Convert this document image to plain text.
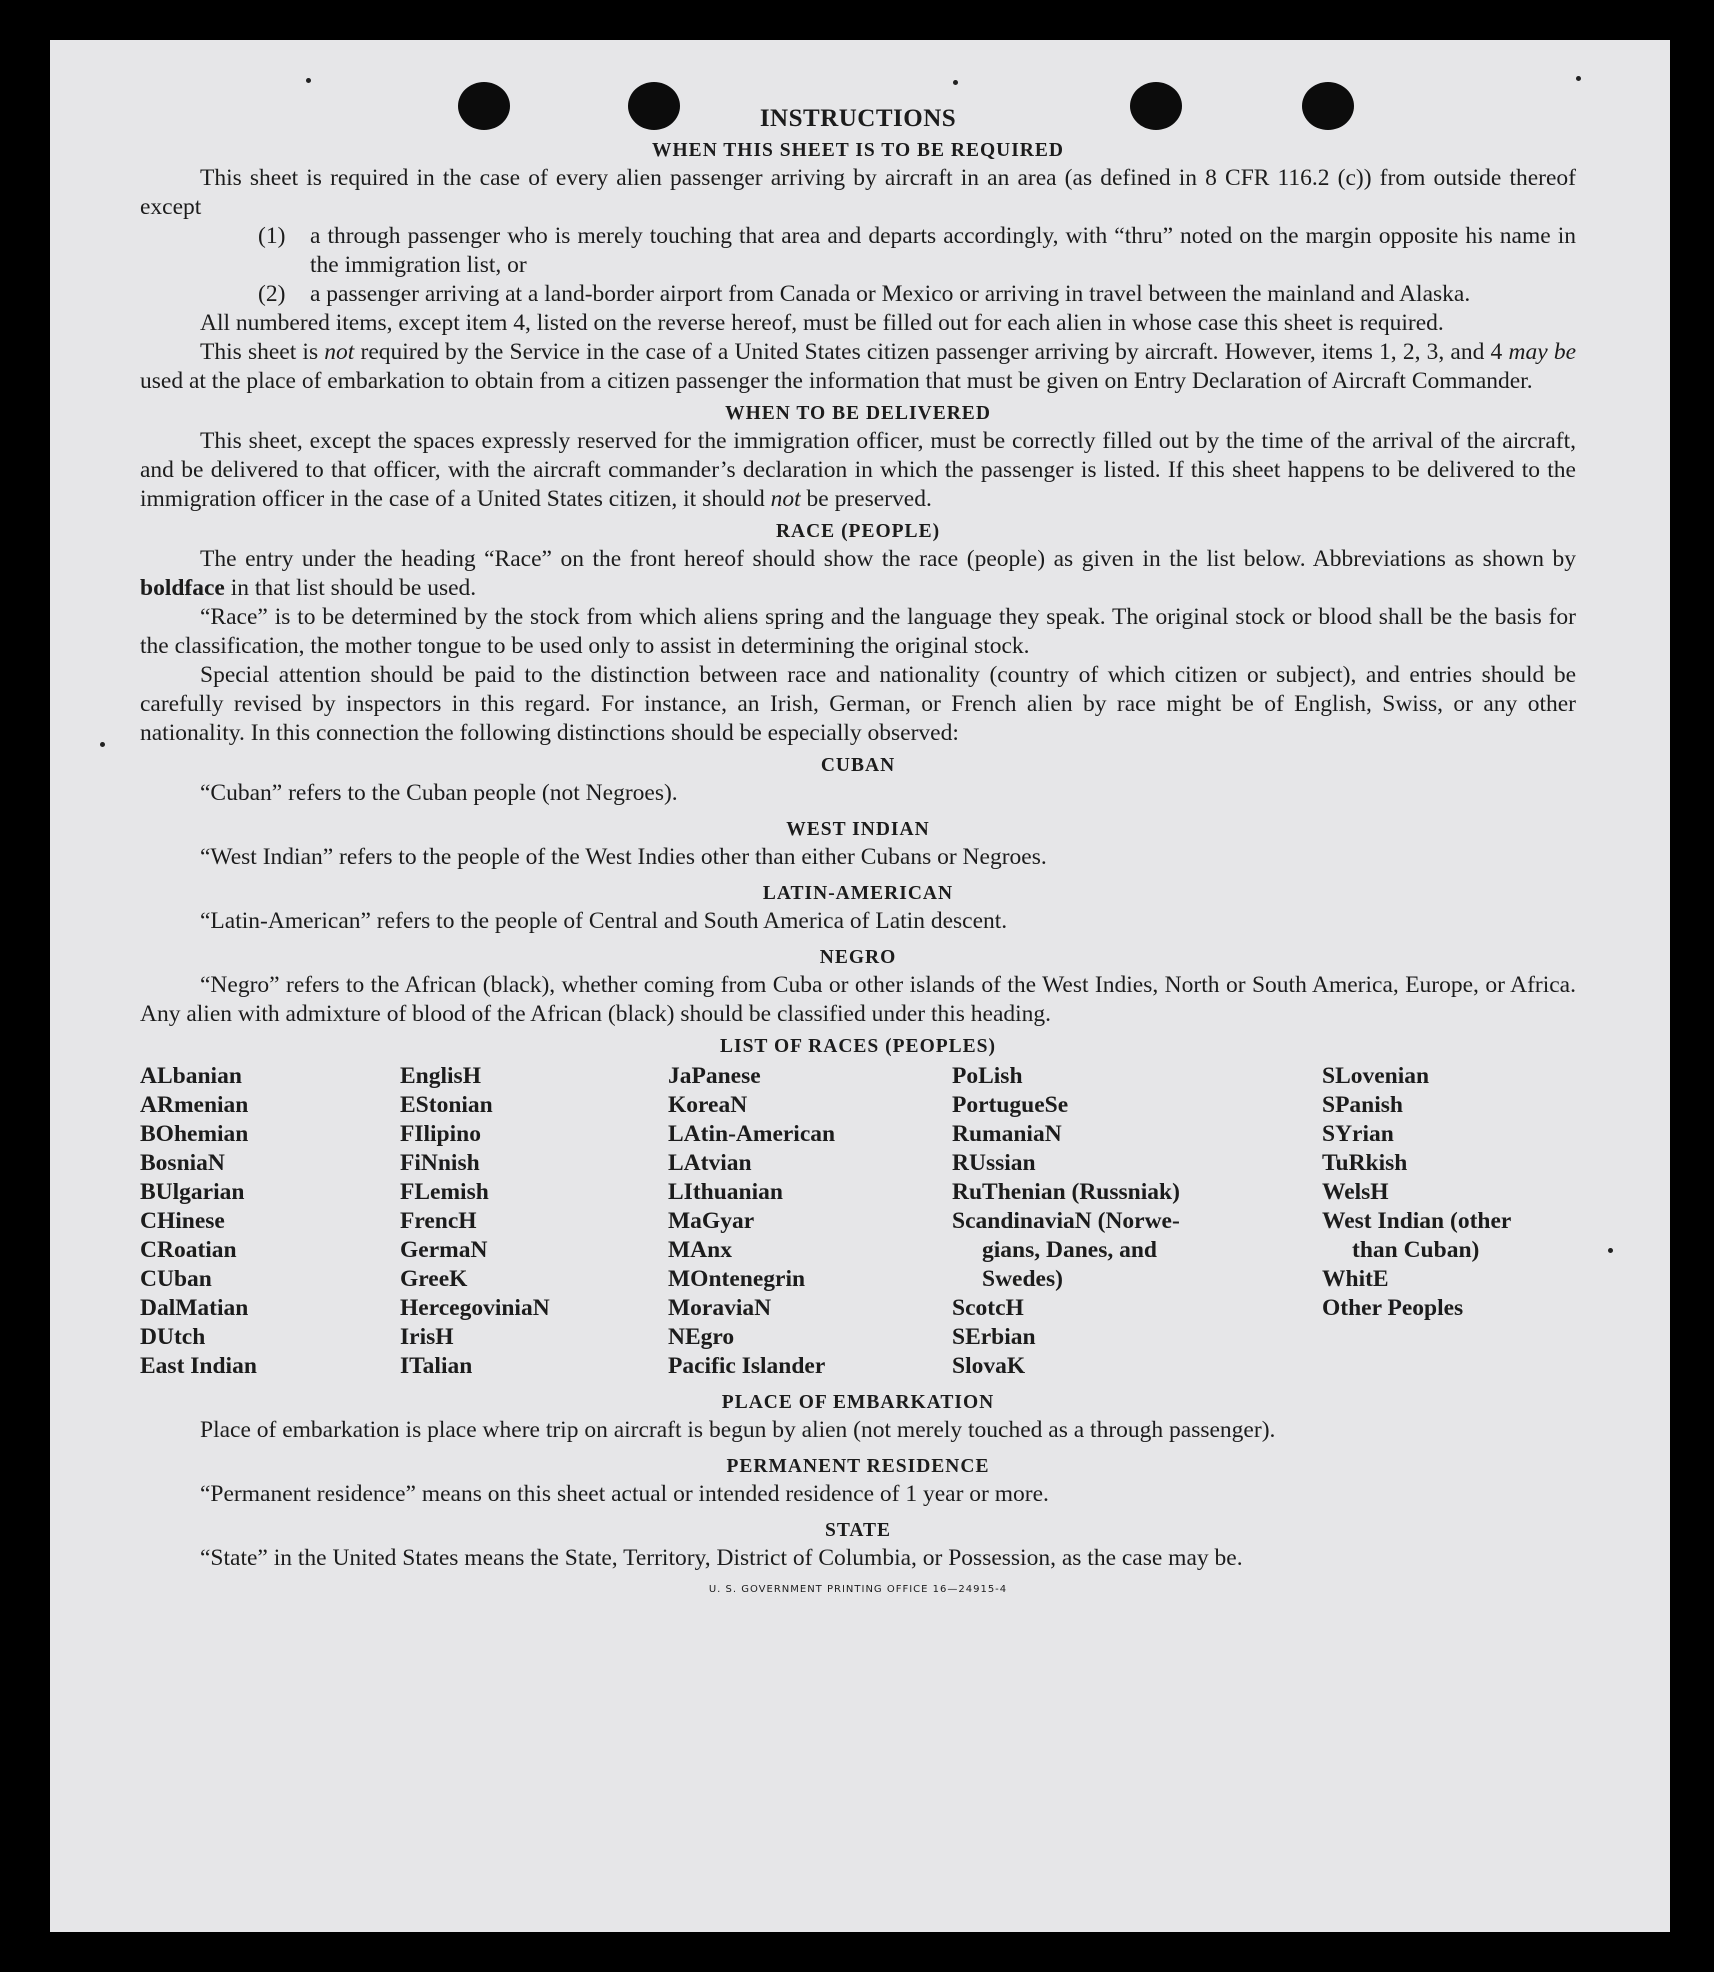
INSTRUCTIONS
WHEN THIS SHEET IS TO BE REQUIRED

This sheet is required in the case of every alien passenger arriving by aircraft in an area (as defined in 8 CFR 116.2 (c)) from outside thereof except

(1)	a through passenger who is merely touching that area and departs accordingly, with “thru” noted on the margin opposite his name in the immigration list, or
(2)	a passenger arriving at a land-border airport from Canada or Mexico or arriving in travel between the mainland and Alaska.

All numbered items, except item 4, listed on the reverse hereof, must be filled out for each alien in whose case this sheet is required.

This sheet is not required by the Service in the case of a United States citizen passenger arriving by aircraft. However, items 1, 2, 3, and 4 may be used at the place of embarkation to obtain from a citizen passenger the information that must be given on Entry Declaration of Aircraft Commander.

WHEN TO BE DELIVERED

This sheet, except the spaces expressly reserved for the immigration officer, must be correctly filled out by the time of the arrival of the aircraft, and be delivered to that officer, with the aircraft commander’s declaration in which the passenger is listed. If this sheet happens to be delivered to the immigration officer in the case of a United States citizen, it should not be preserved.

RACE (PEOPLE)

The entry under the heading “Race” on the front hereof should show the race (people) as given in the list below. Abbreviations as shown by boldface in that list should be used.

“Race” is to be determined by the stock from which aliens spring and the language they speak. The original stock or blood shall be the basis for the classification, the mother tongue to be used only to assist in determining the original stock.

Special attention should be paid to the distinction between race and nationality (country of which citizen or subject), and entries should be carefully revised by inspectors in this regard. For instance, an Irish, German, or French alien by race might be of English, Swiss, or any other nationality. In this connection the following distinctions should be especially observed:

CUBAN

“Cuban” refers to the Cuban people (not Negroes).

WEST INDIAN

“West Indian” refers to the people of the West Indies other than either Cubans or Negroes.

LATIN-AMERICAN

“Latin-American” refers to the people of Central and South America of Latin descent.

NEGRO

“Negro” refers to the African (black), whether coming from Cuba or other islands of the West Indies, North or South America, Europe, or Africa. Any alien with admixture of blood of the African (black) should be classified under this heading.

LIST OF RACES (PEOPLES)
ALbanian
ARmenian
BOhemian
BosniaN
BUlgarian
CHinese
CRoatian
CUban
DalMatian
DUtch
East Indian
EnglisH
EStonian
FIlipino
FiNnish
FLemish
FrencH
GermaN
GreeK
HercegoviniaN
IrisH
ITalian
JaPanese
KoreaN
LAtin-American
LAtvian
LIthuanian
MaGyar
MAnx
MOntenegrin
MoraviaN
NEgro
Pacific Islander
PoLish
PortugueSe
RumaniaN
RUssian
RuThenian (Russniak)
ScandinaviaN (Norwe-
gians, Danes, and
Swedes)
ScotcH
SErbian
SlovaK
SLovenian
SPanish
SYrian
TuRkish
WelsH
West Indian (other
than Cuban)
WhitE
Other Peoples
PLACE OF EMBARKATION

Place of embarkation is place where trip on aircraft is begun by alien (not merely touched as a through passenger).

PERMANENT RESIDENCE

“Permanent residence” means on this sheet actual or intended residence of 1 year or more.

STATE

“State” in the United States means the State, Territory, District of Columbia, or Possession, as the case may be.

U. S. GOVERNMENT PRINTING OFFICE 16—24915-4
